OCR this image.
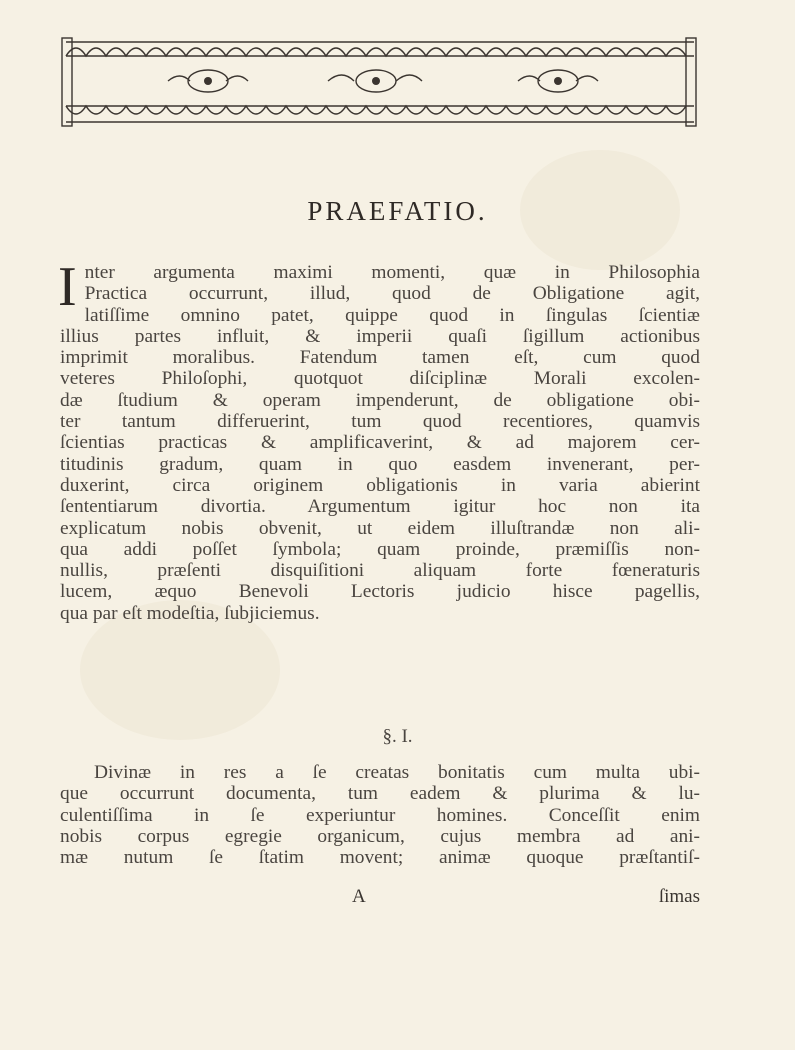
PRAEFATIO.
I nter argumenta maximi momenti, quæ in Philosophia
Practica occurrunt, illud, quod de Obligatione agit,
latiſſime omnino patet, quippe quod in ſingulas ſcientiæ
illius partes influit, & imperii quaſi ſigillum actionibus
imprimit moralibus. Fatendum tamen eſt, cum quod
veteres Philoſophi, quotquot diſciplinæ Morali excolen-
dæ ſtudium & operam impenderunt, de obligatione obi-
ter tantum differuerint, tum quod recentiores, quamvis
ſcientias practicas & amplificaverint, & ad majorem cer-
titudinis gradum, quam in quo easdem invenerant, per-
duxerint, circa originem obligationis in varia abierint
ſententiarum divortia. Argumentum igitur hoc non ita
explicatum nobis obvenit, ut eidem illuſtrandæ non ali-
qua addi poſſet ſymbola; quam proinde, præmiſſis non-
nullis, præſenti disquiſitioni aliquam forte fœneraturis
lucem, æquo Benevoli Lectoris judicio hisce pagellis,
qua par eſt modeſtia, ſubjiciemus.
§. I.
Divinæ in res a ſe creatas bonitatis cum multa ubi-
que occurrunt documenta, tum eadem & plurima & lu-
culentiſſima in ſe experiuntur homines. Conceſſit enim
nobis corpus egregie organicum, cujus membra ad ani-
mæ nutum ſe ſtatim movent; animæ quoque præſtantiſ-
A	ſimas
